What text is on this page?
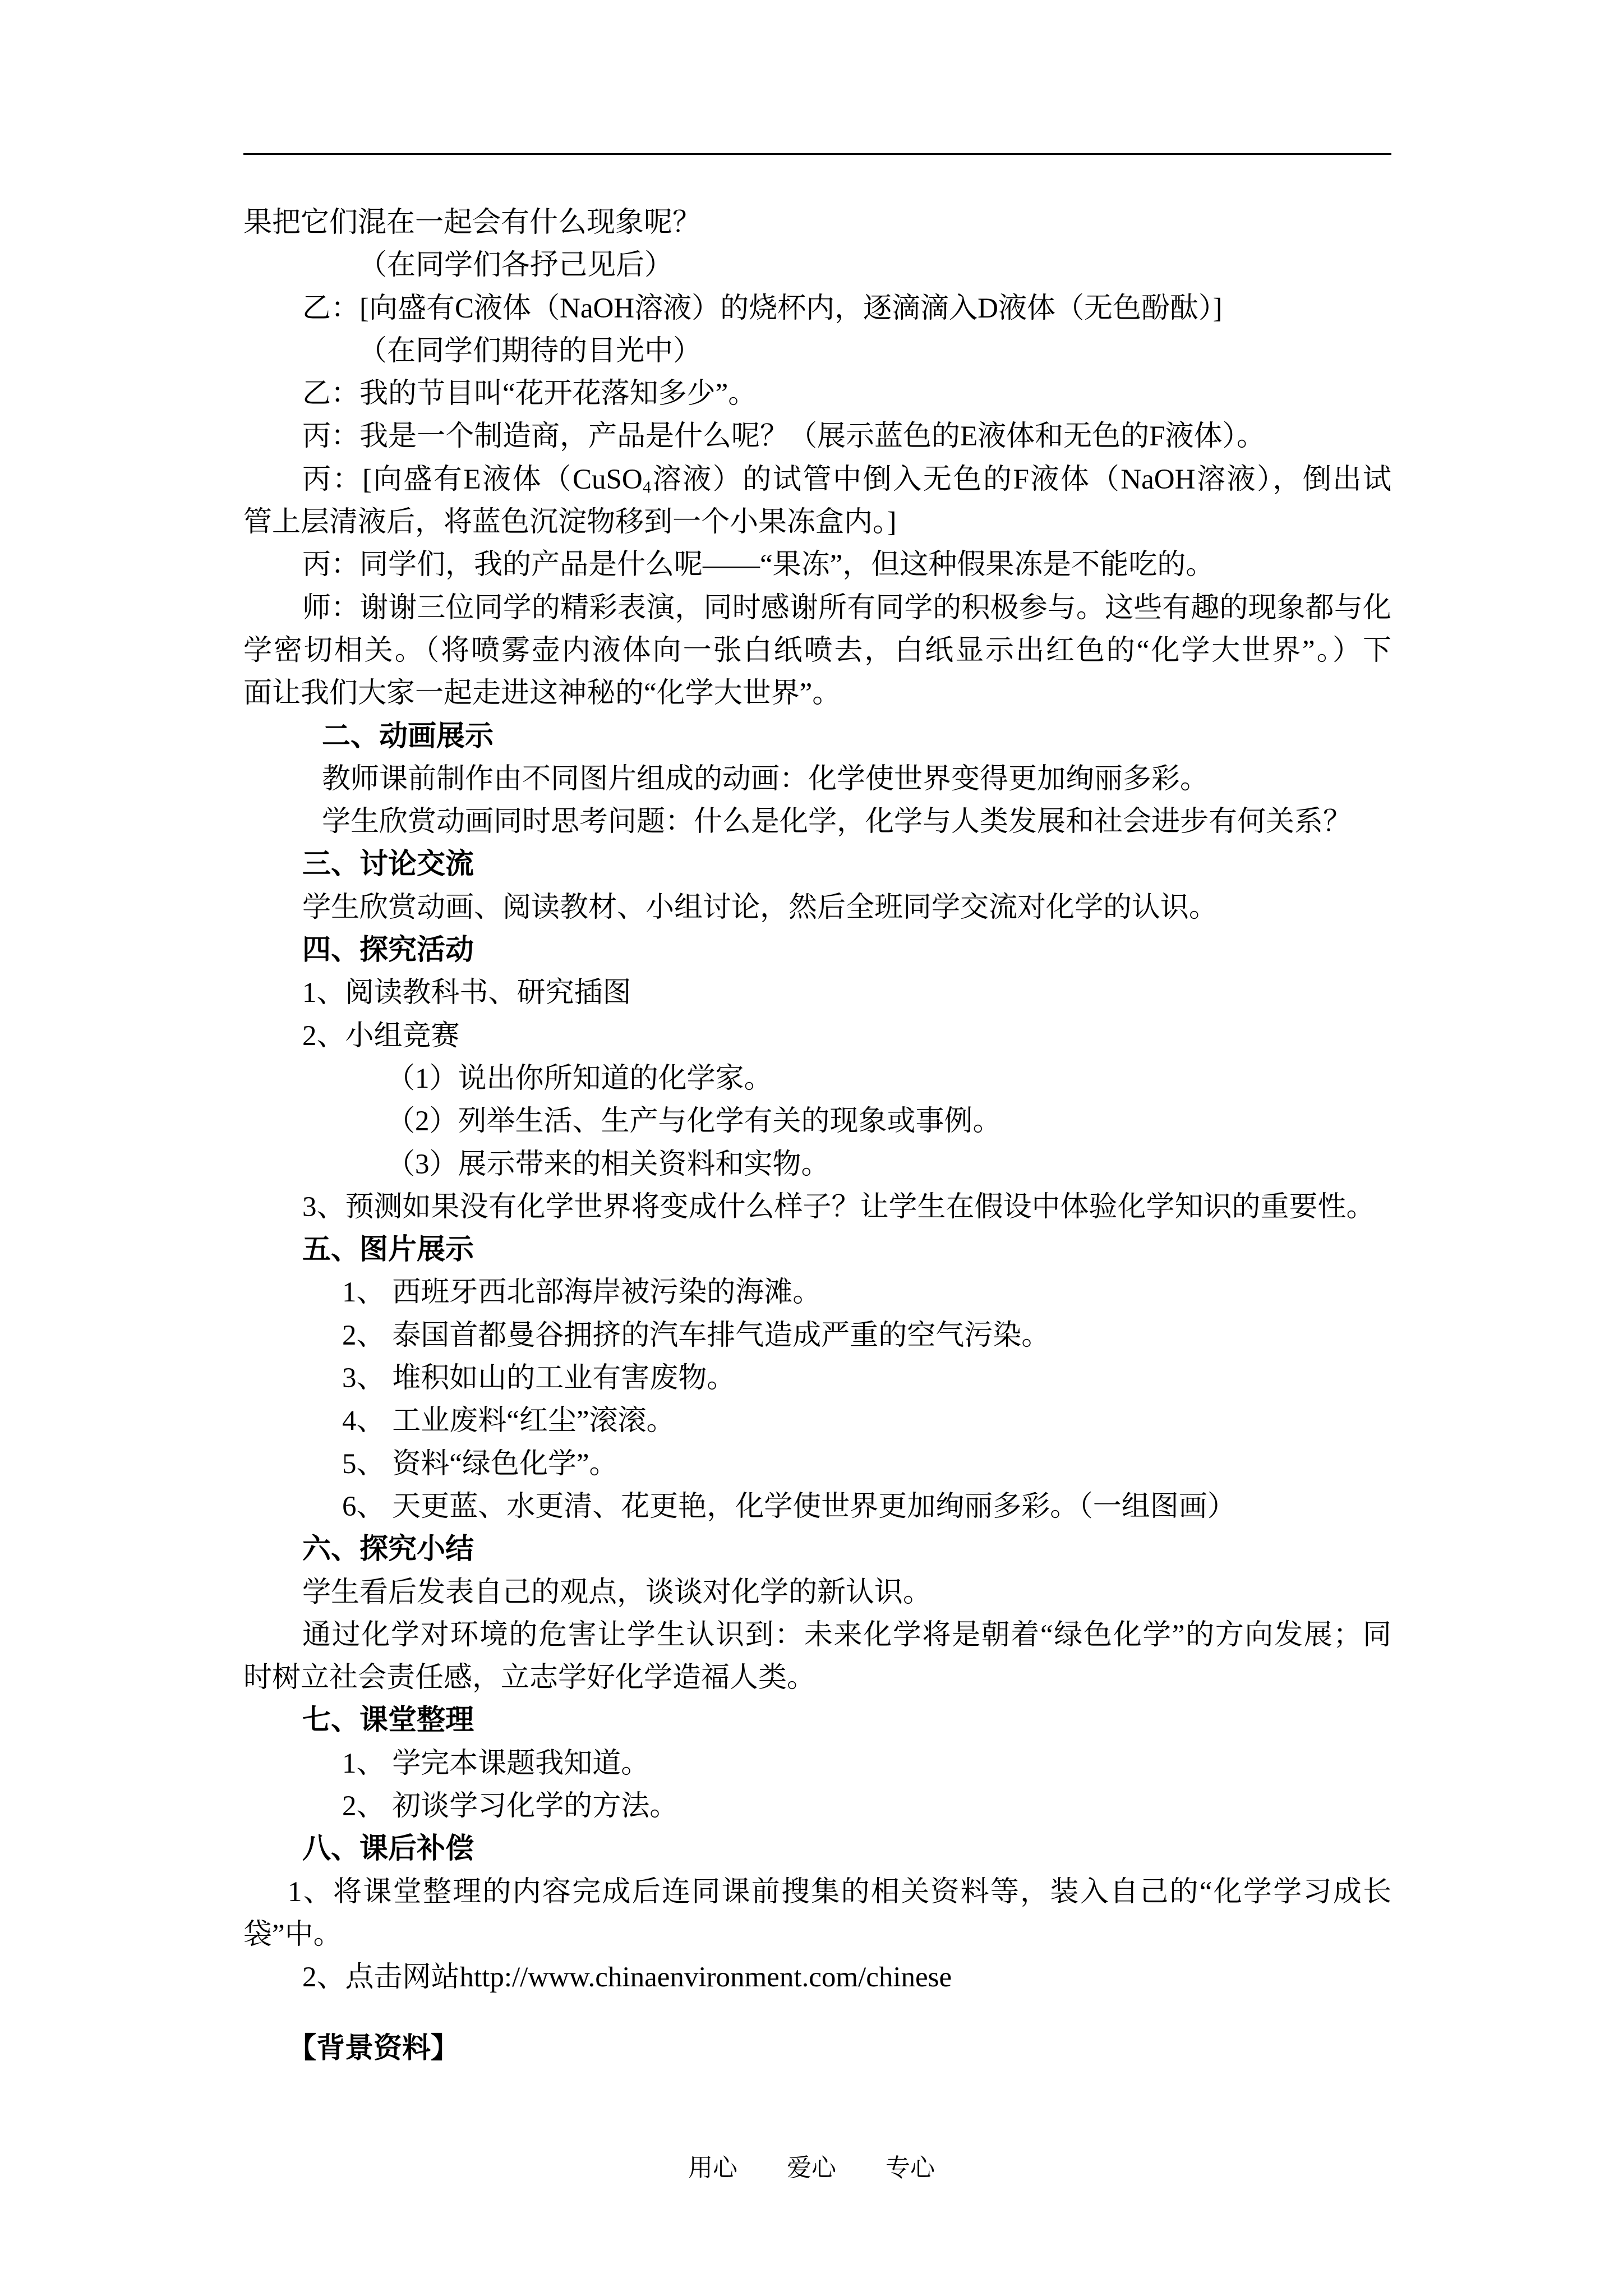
果把它们混在一起会有什么现象呢？
（在同学们各抒己见后）
乙：[向盛有C液体（NaOH溶液）的烧杯内，逐滴滴入D液体（无色酚酞）]
（在同学们期待的目光中）
乙：我的节目叫“花开花落知多少”。
丙：我是一个制造商，产品是什么呢？（展示蓝色的E液体和无色的F液体）。
丙：[向盛有E液体（CuSO$_4$溶液）的试管中倒入无色的F液体（NaOH溶液），倒出试
管上层清液后，将蓝色沉淀物移到一个小果冻盒内。]
丙：同学们，我的产品是什么呢——“果冻”，但这种假果冻是不能吃的。
师：谢谢三位同学的精彩表演，同时感谢所有同学的积极参与。这些有趣的现象都与化
学密切相关。（将喷雾壶内液体向一张白纸喷去，白纸显示出红色的“化学大世界”。）下
面让我们大家一起走进这神秘的“化学大世界”。
二、动画展示
教师课前制作由不同图片组成的动画：化学使世界变得更加绚丽多彩。
学生欣赏动画同时思考问题：什么是化学，化学与人类发展和社会进步有何关系？
三、讨论交流
学生欣赏动画、阅读教材、小组讨论，然后全班同学交流对化学的认识。
四、探究活动
1、阅读教科书、研究插图
2、小组竞赛
（1）说出你所知道的化学家。
（2）列举生活、生产与化学有关的现象或事例。
（3）展示带来的相关资料和实物。
3、预测如果没有化学世界将变成什么样子？让学生在假设中体验化学知识的重要性。
五、图片展示
1、 西班牙西北部海岸被污染的海滩。
2、 泰国首都曼谷拥挤的汽车排气造成严重的空气污染。
3、 堆积如山的工业有害废物。
4、 工业废料“红尘”滚滚。
5、 资料“绿色化学”。
6、 天更蓝、水更清、花更艳，化学使世界更加绚丽多彩。（一组图画）
六、探究小结
学生看后发表自己的观点，谈谈对化学的新认识。
通过化学对环境的危害让学生认识到：未来化学将是朝着“绿色化学”的方向发展；同
时树立社会责任感，立志学好化学造福人类。
七、课堂整理
1、 学完本课题我知道。
2、 初谈学习化学的方法。
八、课后补偿
1、将课堂整理的内容完成后连同课前搜集的相关资料等，装入自己的“化学学习成长
袋”中。
2、点击网站http://www.chinaenvironment.com/chinese
【背景资料】
用心　　爱心　　专心
